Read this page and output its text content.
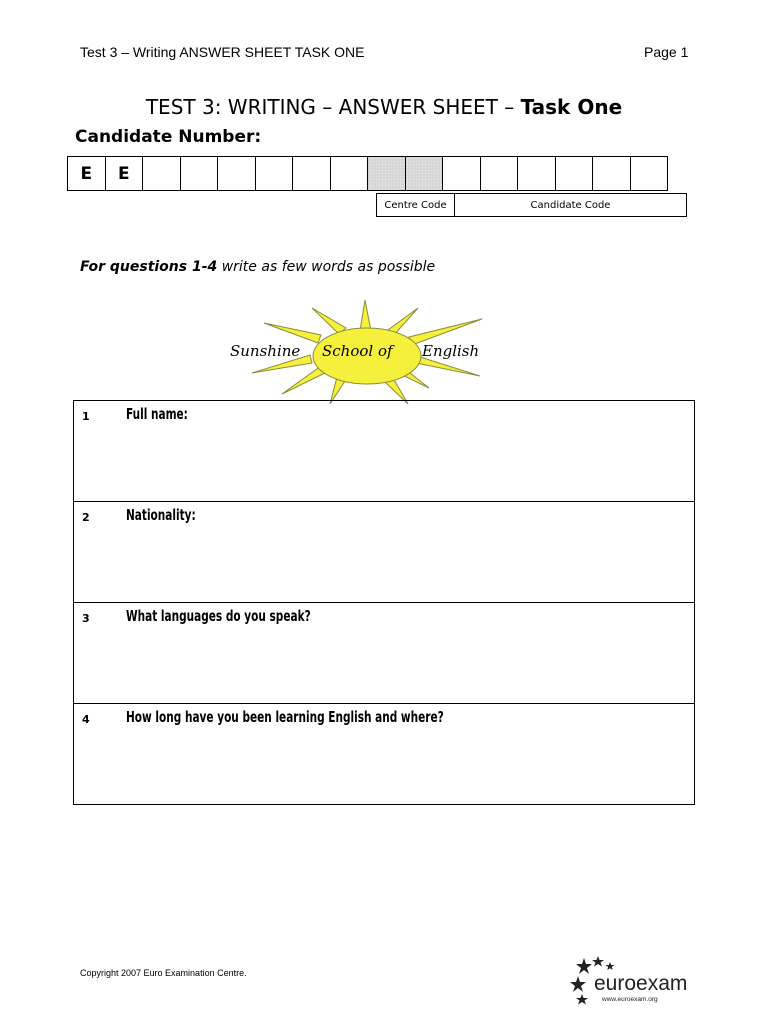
Test 3 – Writing ANSWER SHEET TASK ONE	Page 1
TEST 3: WRITING – ANSWER SHEET – Task One
Candidate Number:
E	E														
Centre Code	Candidate Code
For questions 1-4 write as few words as possible
Sunshine School of English
1 Full name:
2 Nationality:
3 What languages do you speak?
4 How long have you been learning English and where?
Copyright 2007 Euro Examination Centre.	euroexam
www.euroexam.org
